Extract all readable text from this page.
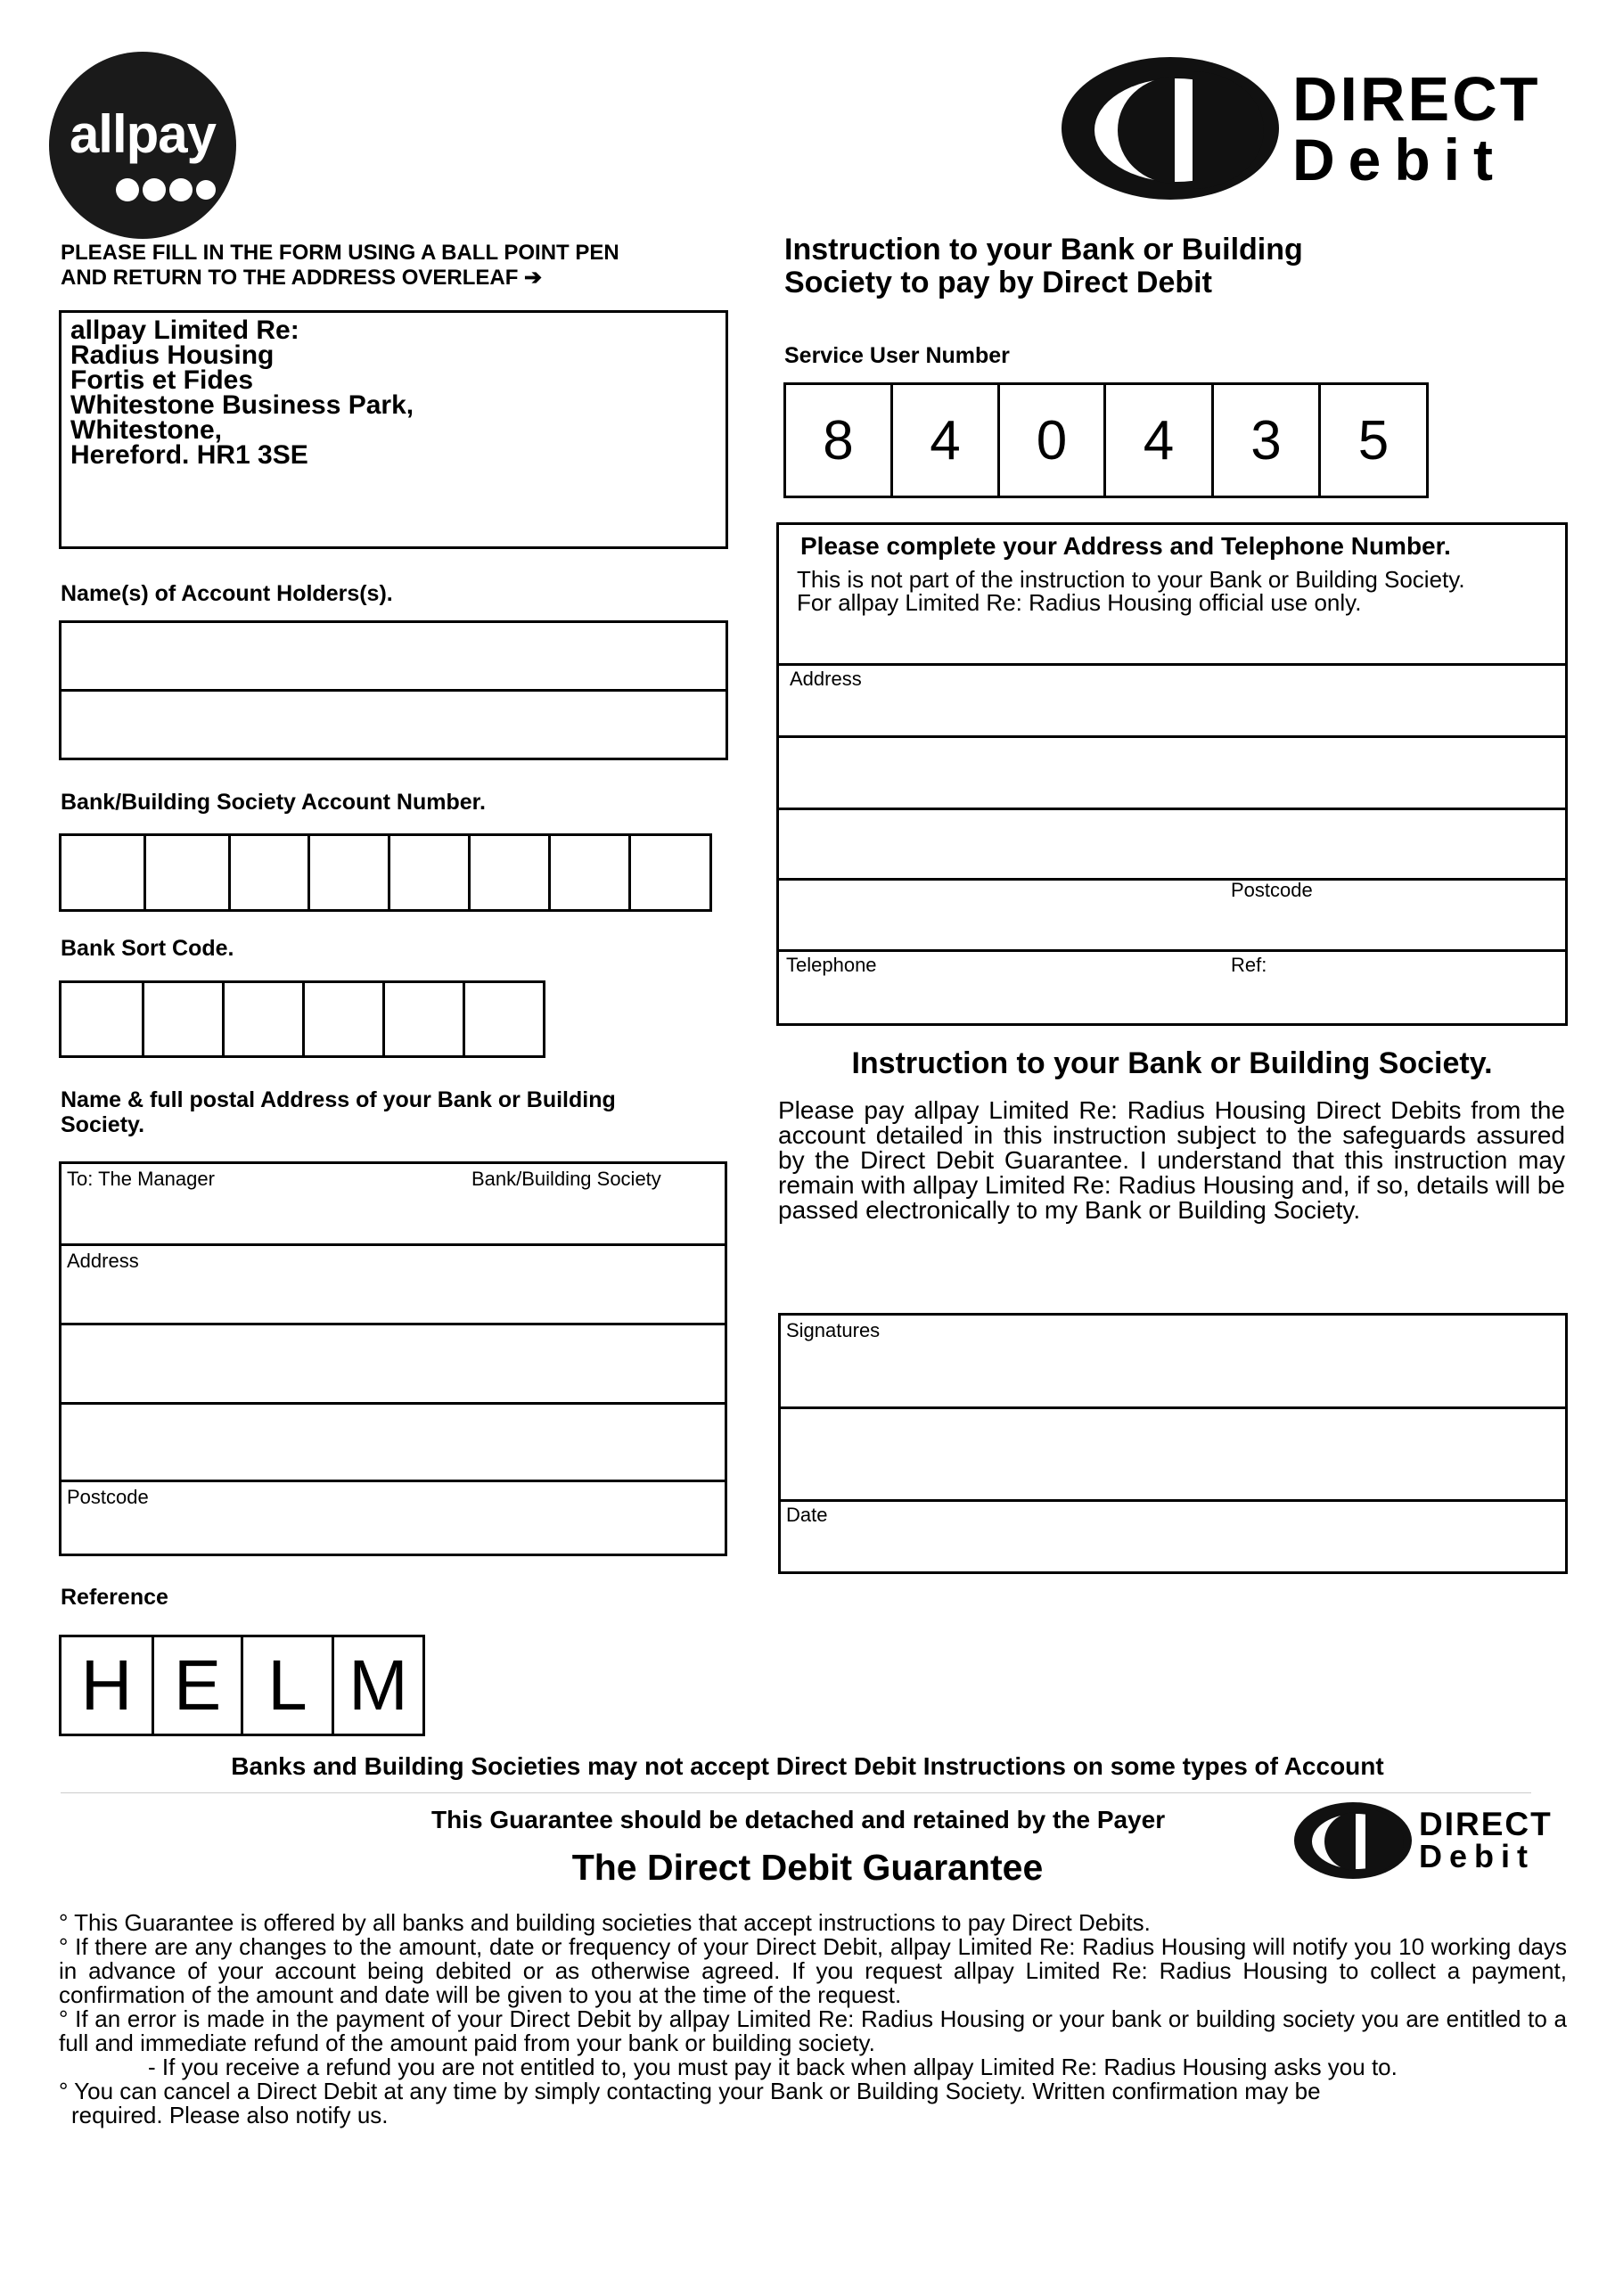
allpay
DIRECT
Debit
PLEASE FILL IN THE FORM USING A BALL POINT PEN
AND RETURN TO THE ADDRESS OVERLEAF ➔
allpay Limited Re:
Radius Housing
Fortis et Fides
Whitestone Business Park,
Whitestone,
Hereford. HR1 3SE
Name(s) of Account Holders(s).
Bank/Building Society Account Number.
Bank Sort Code.
Name & full postal Address of your Bank or Building Society.
To: The Manager	Bank/Building Society
Address
Postcode
Reference
H E L M
Instruction to your Bank or Building
Society to pay by Direct Debit
Service User Number
8	4	0	4	3	5
Please complete your Address and Telephone Number.
This is not part of the instruction to your Bank or Building Society.
For allpay Limited Re: Radius Housing official use only.
Address
Postcode
Telephone	Ref:
Instruction to your Bank or Building Society.
Please pay allpay Limited Re: Radius Housing Direct Debits from the account detailed in this instruction subject to the safeguards assured by the Direct Debit Guarantee. I understand that this instruction may remain with allpay Limited Re: Radius Housing and, if so, details will be passed electronically to my Bank or Building Society.
Signatures
Date
Banks and Building Societies may not accept Direct Debit Instructions on some types of Account
This Guarantee should be detached and retained by the Payer	DIRECT
Debit
The Direct Debit Guarantee
° This Guarantee is offered by all banks and building societies that accept instructions to pay Direct Debits.
° If there are any changes to the amount, date or frequency of your Direct Debit, allpay Limited Re: Radius Housing will notify you 10 working days in advance of your account being debited or as otherwise agreed. If you request allpay Limited Re: Radius Housing to collect a payment, confirmation of the amount and date will be given to you at the time of the request.
° If an error is made in the payment of your Direct Debit by allpay Limited Re: Radius Housing or your bank or building society you are entitled to a full and immediate refund of the amount paid from your bank or building society.
- If you receive a refund you are not entitled to, you must pay it back when allpay Limited Re: Radius Housing asks you to.
° You can cancel a Direct Debit at any time by simply contacting your Bank or Building Society. Written confirmation may be
required. Please also notify us.
